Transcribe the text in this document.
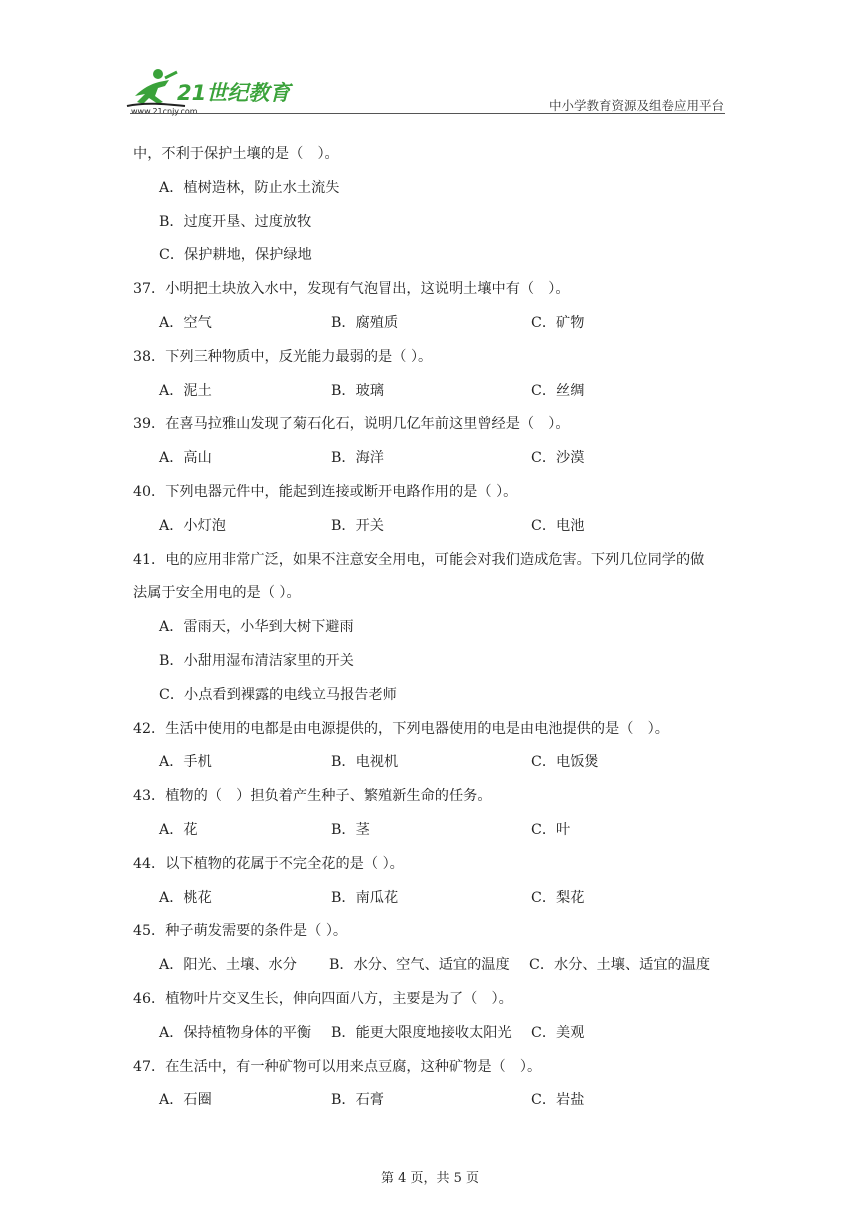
21世纪教育
www.21cnjy.com	中小学教育资源及组卷应用平台
中，不利于保护土壤的是（　）。
A．植树造林，防止水土流失
B．过度开垦、过度放牧
C．保护耕地，保护绿地
37．小明把土块放入水中，发现有气泡冒出，这说明土壤中有（　）。
A．空气	B．腐殖质	C．矿物
38．下列三种物质中，反光能力最弱的是（ ）。
A．泥土	B．玻璃	C．丝绸
39．在喜马拉雅山发现了菊石化石，说明几亿年前这里曾经是（　）。
A．高山	B．海洋	C．沙漠
40．下列电器元件中，能起到连接或断开电路作用的是（ ）。
A．小灯泡	B．开关	C．电池
41．电的应用非常广泛，如果不注意安全用电，可能会对我们造成危害。下列几位同学的做
法属于安全用电的是（ ）。
A．雷雨天，小华到大树下避雨
B．小甜用湿布清洁家里的开关
C．小点看到裸露的电线立马报告老师
42．生活中使用的电都是由电源提供的，下列电器使用的电是由电池提供的是（　）。
A．手机	B．电视机	C．电饭煲
43．植物的（　）担负着产生种子、繁殖新生命的任务。
A．花	B．茎	C．叶
44．以下植物的花属于不完全花的是（ ）。
A．桃花	B．南瓜花	C．梨花
45．种子萌发需要的条件是（ ）。
A．阳光、土壤、水分	B．水分、空气、适宜的温度	C．水分、土壤、适宜的温度
46．植物叶片交叉生长，伸向四面八方，主要是为了（　）。
A．保持植物身体的平衡	B．能更大限度地接收太阳光	C．美观
47．在生活中，有一种矿物可以用来点豆腐，这种矿物是（　）。
A．石圈	B．石膏	C．岩盐
第 4 页，共 5 页
